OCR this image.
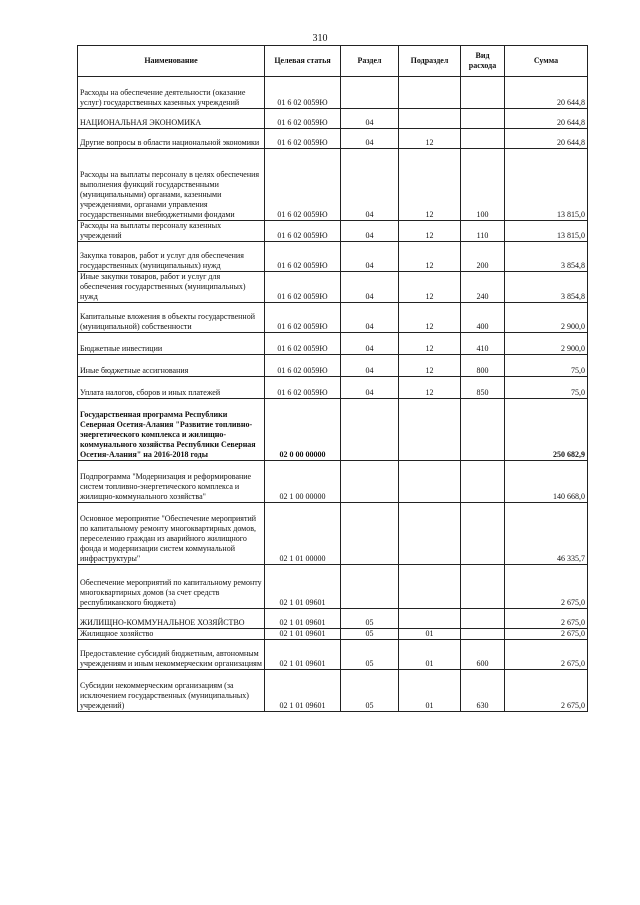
310
Наименование	Целевая статья	Раздел	Подраздел	Вид расхода	Сумма
Расходы на обеспечение деятельности (оказание услуг) государственных казенных учреждений	01 6 02 0059Ю				20 644,8
НАЦИОНАЛЬНАЯ ЭКОНОМИКА	01 6 02 0059Ю	04			20 644,8
Другие вопросы в области национальной экономики	01 6 02 0059Ю	04	12		20 644,8
Расходы на выплаты персоналу в целях обеспечения выполнения функций государственными (муниципальными) органами, казенными учреждениями, органами управления государственными внебюджетными фондами	01 6 02 0059Ю	04	12	100	13 815,0
Расходы на выплаты персоналу казенных учреждений	01 6 02 0059Ю	04	12	110	13 815,0
Закупка товаров, работ и услуг для обеспечения государственных (муниципальных) нужд	01 6 02 0059Ю	04	12	200	3 854,8
Иные закупки товаров, работ и услуг для обеспечения государственных (муниципальных) нужд	01 6 02 0059Ю	04	12	240	3 854,8
Капитальные вложения в объекты государственной (муниципальной) собственности	01 6 02 0059Ю	04	12	400	2 900,0
Бюджетные инвестиции	01 6 02 0059Ю	04	12	410	2 900,0
Иные бюджетные ассигнования	01 6 02 0059Ю	04	12	800	75,0
Уплата налогов, сборов и иных платежей	01 6 02 0059Ю	04	12	850	75,0
Государственная программа Республики Северная Осетия-Алания "Развитие топливно-энергетического комплекса и жилищно-коммунального хозяйства Республики Северная Осетия-Алания" на 2016-2018 годы	02 0 00 00000				250 682,9
Подпрограмма "Модернизация и реформирование систем топливно-энергетического комплекса и жилищно-коммунального хозяйства"	02 1 00 00000				140 668,0
Основное мероприятие "Обеспечение мероприятий по капитальному ремонту многоквартирных домов, переселению граждан из аварийного жилищного фонда и модернизации систем коммунальной инфраструктуры"	02 1 01 00000				46 335,7
Обеспечение мероприятий по капитальному ремонту многоквартирных домов (за счет средств республиканского бюджета)	02 1 01 09601				2 675,0
ЖИЛИЩНО-КОММУНАЛЬНОЕ ХОЗЯЙСТВО	02 1 01 09601	05			2 675,0
Жилищное хозяйство	02 1 01 09601	05	01		2 675,0
Предоставление субсидий бюджетным, автономным учреждениям и иным некоммерческим организациям	02 1 01 09601	05	01	600	2 675,0
Субсидии некоммерческим организациям (за исключением государственных (муниципальных) учреждений)	02 1 01 09601	05	01	630	2 675,0
